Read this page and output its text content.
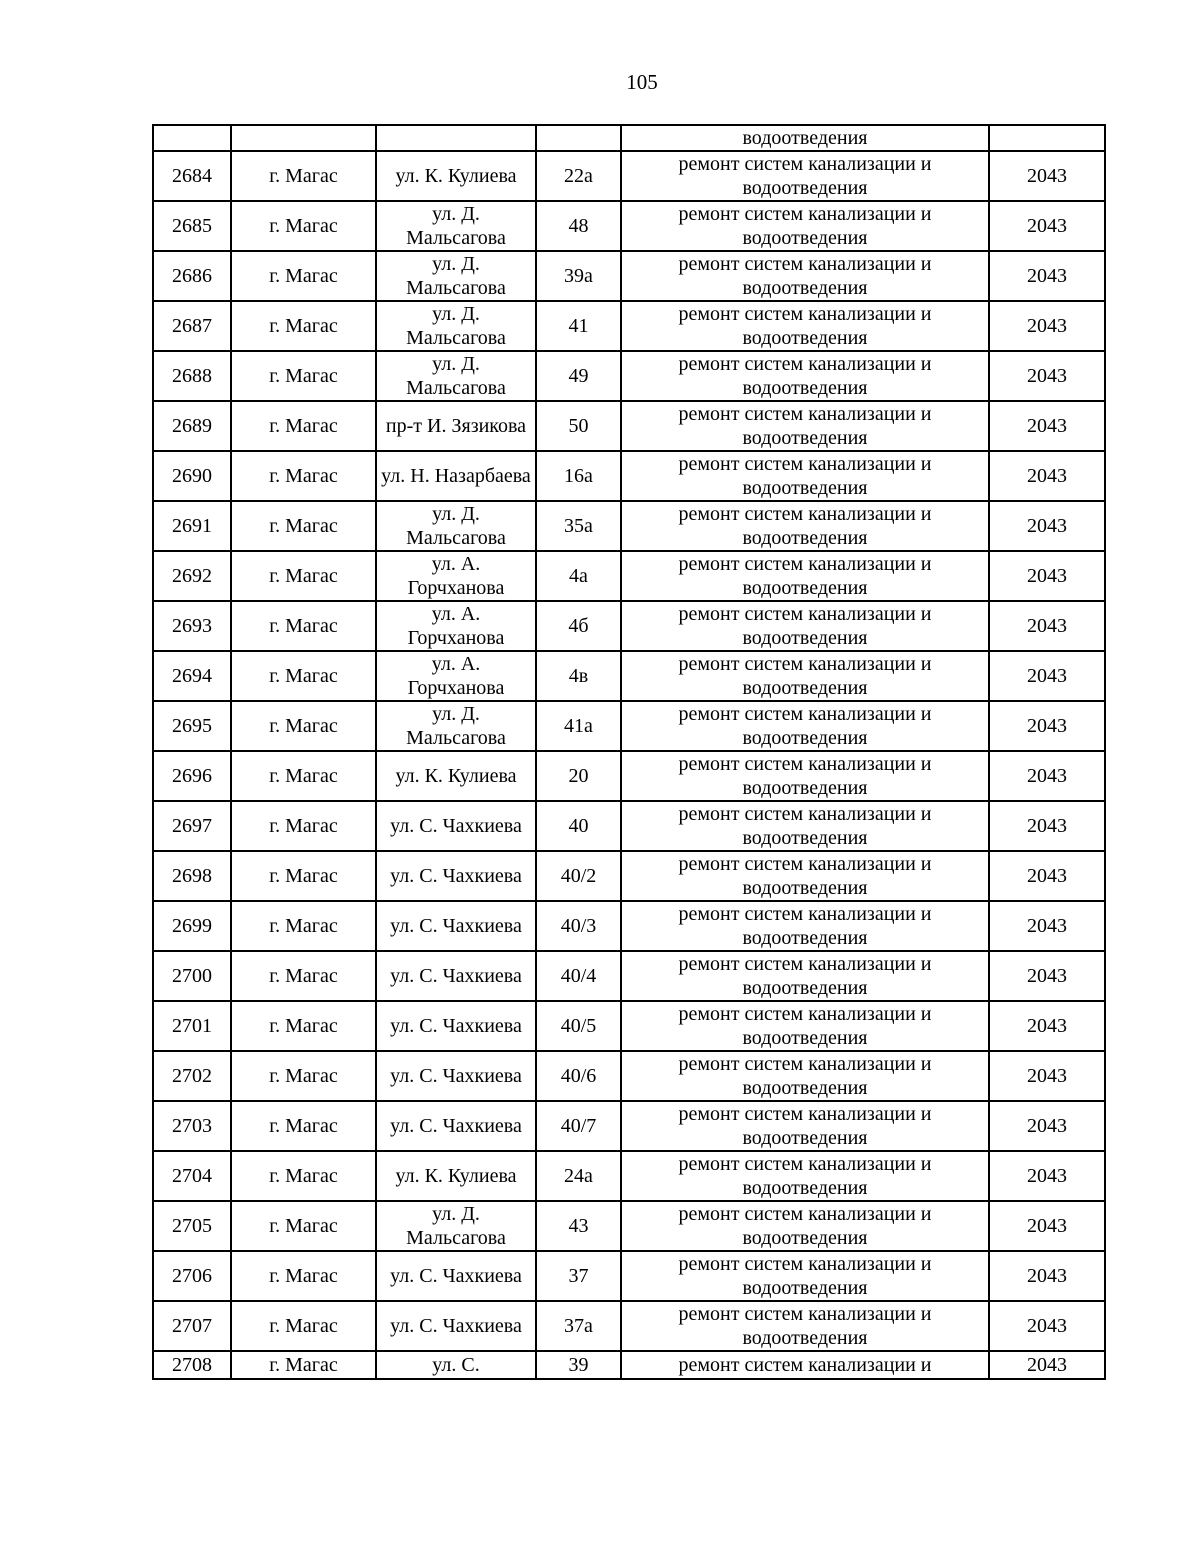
105
				водоотведения	
2684	г. Магас	ул. К. Кулиева	22а	ремонт систем канализации и водоотведения	2043
2685	г. Магас	ул. Д. Мальсагова	48	ремонт систем канализации и водоотведения	2043
2686	г. Магас	ул. Д. Мальсагова	39а	ремонт систем канализации и водоотведения	2043
2687	г. Магас	ул. Д. Мальсагова	41	ремонт систем канализации и водоотведения	2043
2688	г. Магас	ул. Д. Мальсагова	49	ремонт систем канализации и водоотведения	2043
2689	г. Магас	пр-т И. Зязикова	50	ремонт систем канализации и водоотведения	2043
2690	г. Магас	ул. Н. Назарбаева	16а	ремонт систем канализации и водоотведения	2043
2691	г. Магас	ул. Д. Мальсагова	35а	ремонт систем канализации и водоотведения	2043
2692	г. Магас	ул. А. Горчханова	4а	ремонт систем канализации и водоотведения	2043
2693	г. Магас	ул. А. Горчханова	4б	ремонт систем канализации и водоотведения	2043
2694	г. Магас	ул. А. Горчханова	4в	ремонт систем канализации и водоотведения	2043
2695	г. Магас	ул. Д. Мальсагова	41а	ремонт систем канализации и водоотведения	2043
2696	г. Магас	ул. К. Кулиева	20	ремонт систем канализации и водоотведения	2043
2697	г. Магас	ул. С. Чахкиева	40	ремонт систем канализации и водоотведения	2043
2698	г. Магас	ул. С. Чахкиева	40/2	ремонт систем канализации и водоотведения	2043
2699	г. Магас	ул. С. Чахкиева	40/3	ремонт систем канализации и водоотведения	2043
2700	г. Магас	ул. С. Чахкиева	40/4	ремонт систем канализации и водоотведения	2043
2701	г. Магас	ул. С. Чахкиева	40/5	ремонт систем канализации и водоотведения	2043
2702	г. Магас	ул. С. Чахкиева	40/6	ремонт систем канализации и водоотведения	2043
2703	г. Магас	ул. С. Чахкиева	40/7	ремонт систем канализации и водоотведения	2043
2704	г. Магас	ул. К. Кулиева	24а	ремонт систем канализации и водоотведения	2043
2705	г. Магас	ул. Д. Мальсагова	43	ремонт систем канализации и водоотведения	2043
2706	г. Магас	ул. С. Чахкиева	37	ремонт систем канализации и водоотведения	2043
2707	г. Магас	ул. С. Чахкиева	37а	ремонт систем канализации и водоотведения	2043
2708	г. Магас	ул. С.	39	ремонт систем канализации и	2043
